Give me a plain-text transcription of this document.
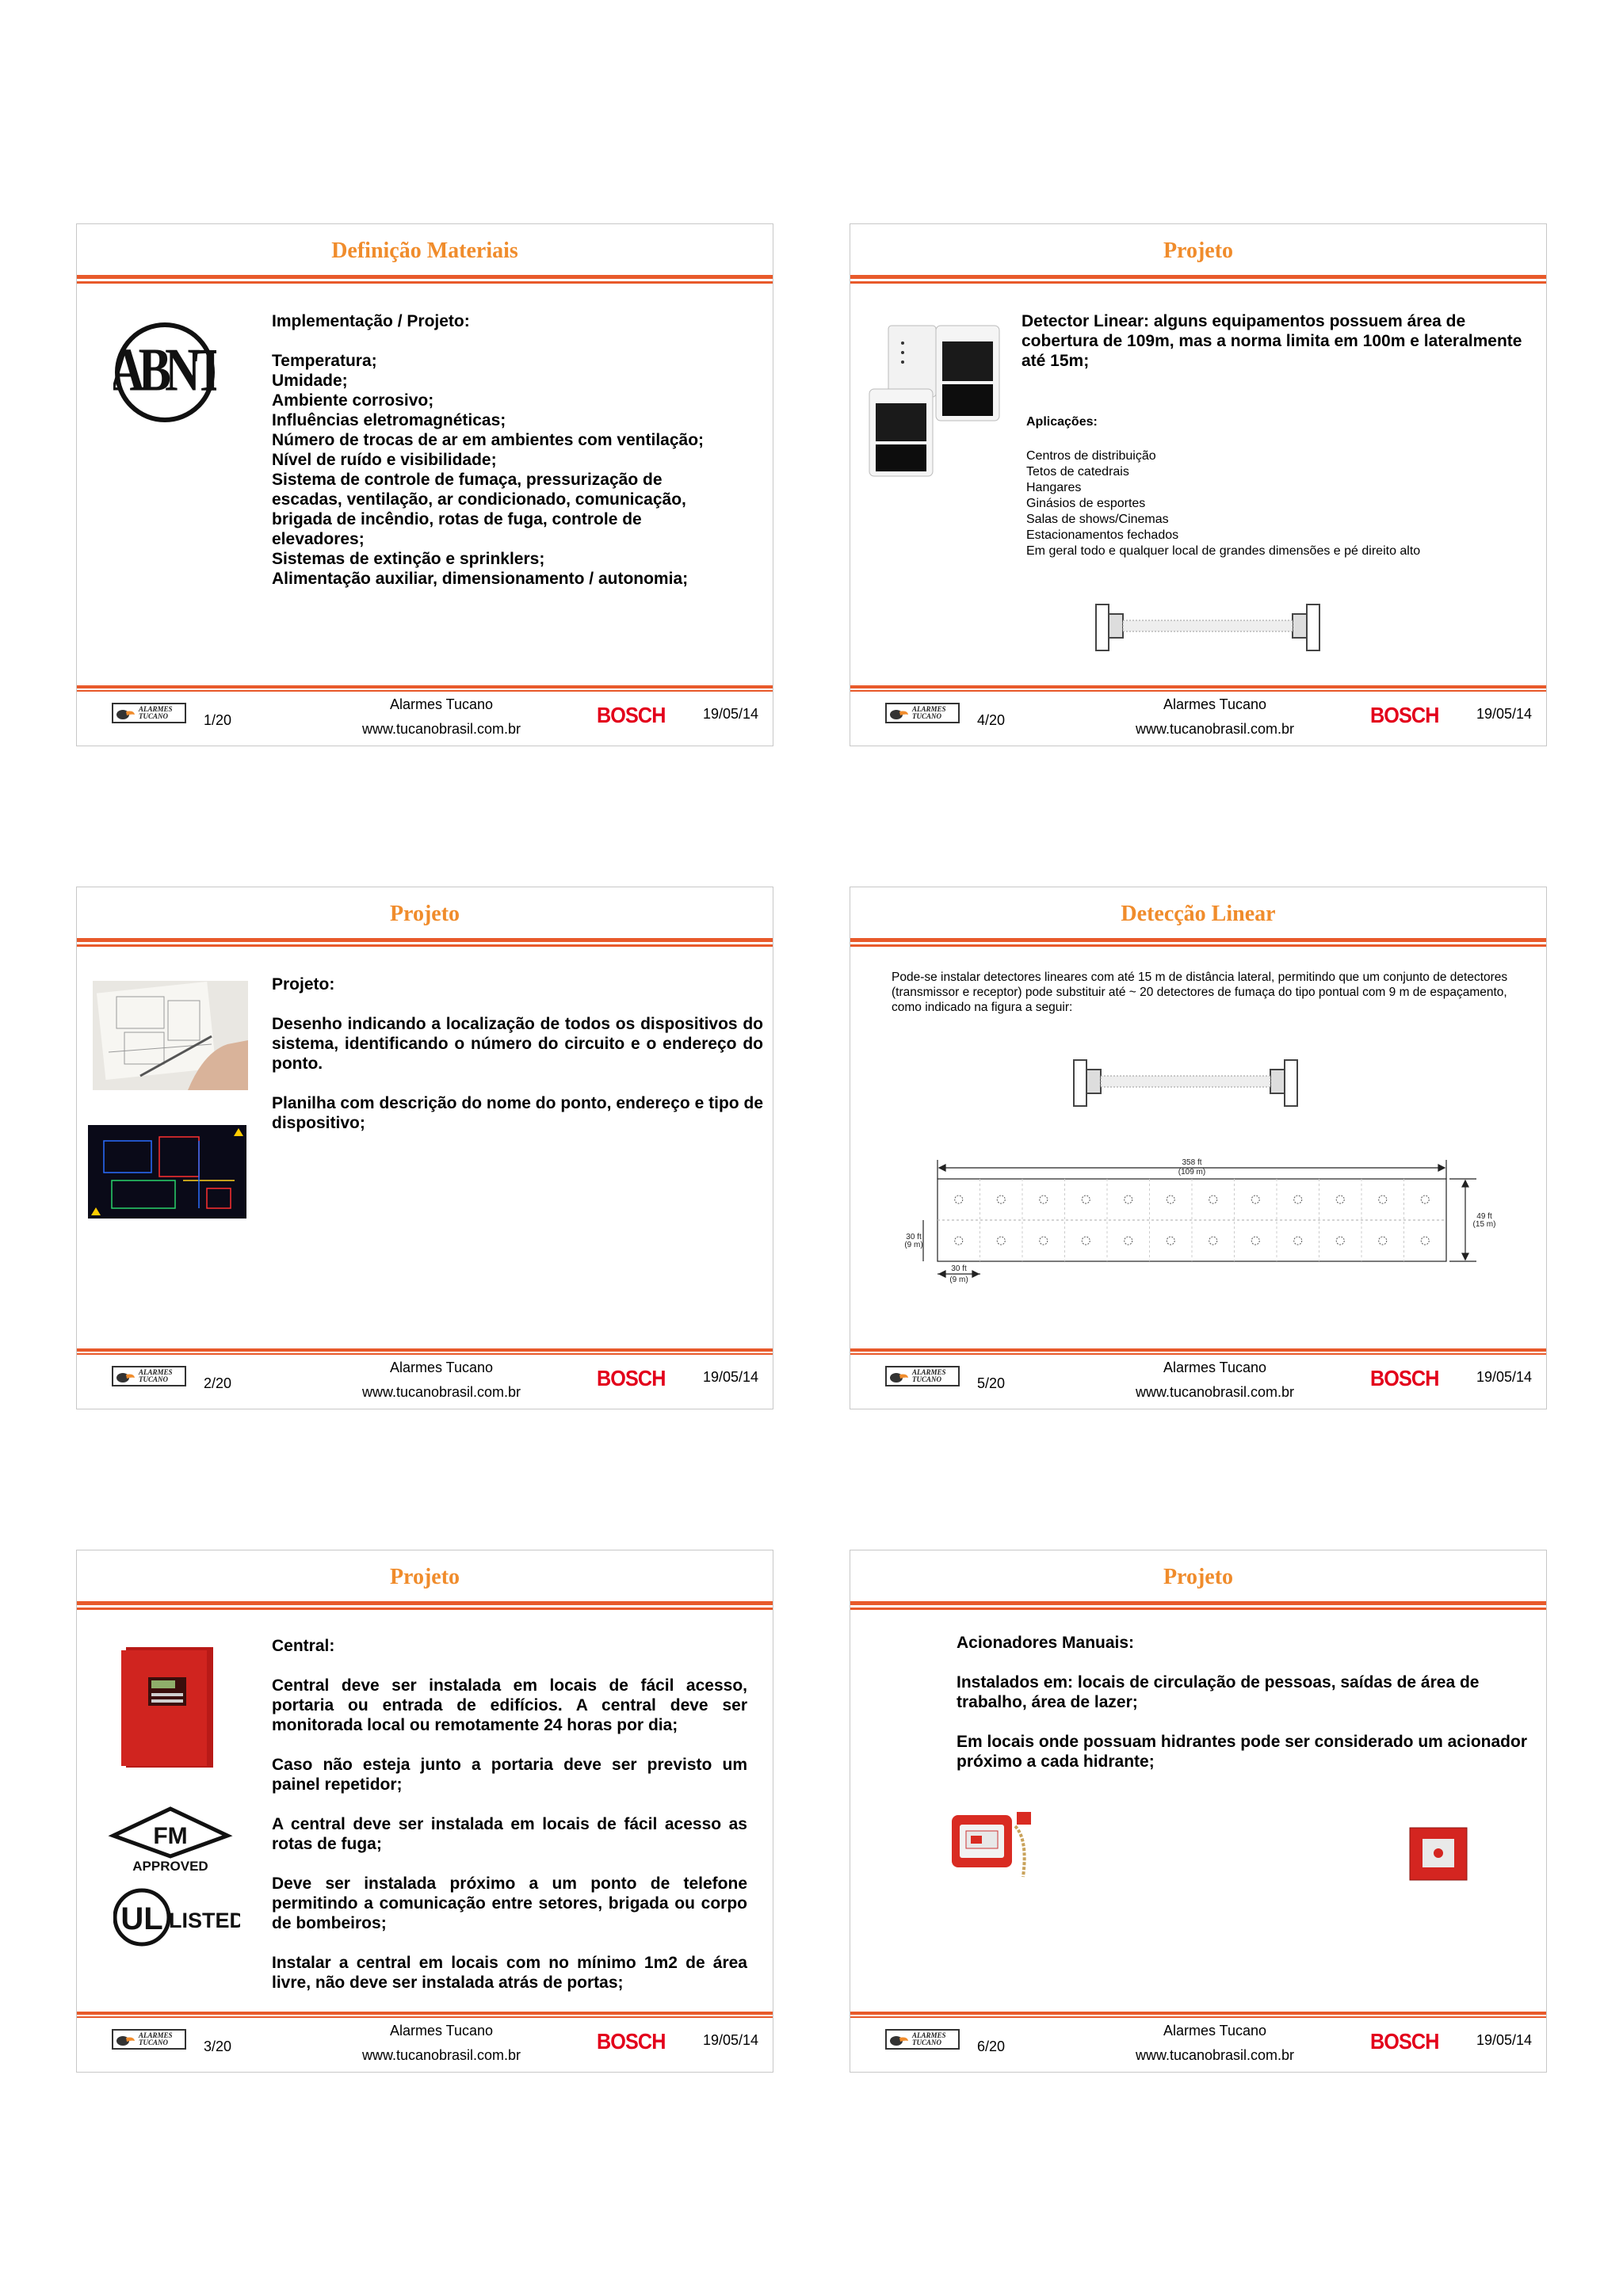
Definição Materiais
ABNT

Implementação / Projeto:

Temperatura;

Umidade;

Ambiente corrosivo;

Influências eletromagnéticas;

Número de trocas de ar em ambientes com ventilação;

Nível de ruído e visibilidade;

Sistema de controle de fumaça, pressurização de

escadas, ventilação, ar condicionado, comunicação,

brigada de incêndio, rotas de fuga, controle de

elevadores;

Sistemas de extinção e sprinklers;

Alimentação auxiliar, dimensionamento / autonomia;

ALARMES
TUCANO	1/20
Alarmes Tucano
www.tucanobrasil.com.br
BOSCH	19/05/14
Projeto
Detector Linear: alguns equipamentos possuem área de cobertura de 109m, mas a norma limita em 100m e lateralmente até 15m;
Aplicações:
Centros de distribuição
Tetos de catedrais
Hangares
Ginásios de esportes
Salas de shows/Cinemas
Estacionamentos fechados
Em geral todo e qualquer local de grandes dimensões e pé direito alto
ALARMES
TUCANO	4/20
Alarmes Tucano
www.tucanobrasil.com.br
BOSCH	19/05/14
Projeto

Projeto:

Desenho indicando a localização de todos os dispositivos do sistema, identificando o número do circuito e o endereço do ponto.

Planilha com descrição do nome do ponto, endereço e tipo de dispositivo;

ALARMES
TUCANO	2/20
Alarmes Tucano
www.tucanobrasil.com.br
BOSCH	19/05/14
Detecção Linear
Pode-se instalar detectores lineares com até 15 m de distância lateral, permitindo que um conjunto de detectores (transmissor e receptor) pode substituir até ~ 20 detectores de fumaça do tipo pontual com 9 m de espaçamento, como indicado na figura a seguir:
358 ft
(109 m)
49 ft
(15 m)
30 ft
(9 m)
30 ft
(9 m)
ALARMES
TUCANO	5/20
Alarmes Tucano
www.tucanobrasil.com.br
BOSCH	19/05/14
Projeto
FM
APPROVED
UL LISTED

Central:

Central deve ser instalada em locais de fácil acesso, portaria ou entrada de edifícios. A central deve ser monitorada local ou remotamente 24 horas por dia;

Caso não esteja junto a portaria deve ser previsto um painel repetidor;

A central deve ser instalada em locais de fácil acesso as rotas de fuga;

Deve ser instalada próximo a um ponto de telefone permitindo a comunicação entre setores, brigada ou corpo de bombeiros;

Instalar a central em locais com no mínimo 1m2 de área livre, não deve ser instalada atrás de portas;

ALARMES
TUCANO	3/20
Alarmes Tucano
www.tucanobrasil.com.br
BOSCH	19/05/14
Projeto

Acionadores Manuais:

Instalados em: locais de circulação de pessoas, saídas de área de trabalho, área de lazer;

Em locais onde possuam hidrantes pode ser considerado um acionador próximo a cada hidrante;

ALARMES
TUCANO	6/20
Alarmes Tucano
www.tucanobrasil.com.br
BOSCH	19/05/14
